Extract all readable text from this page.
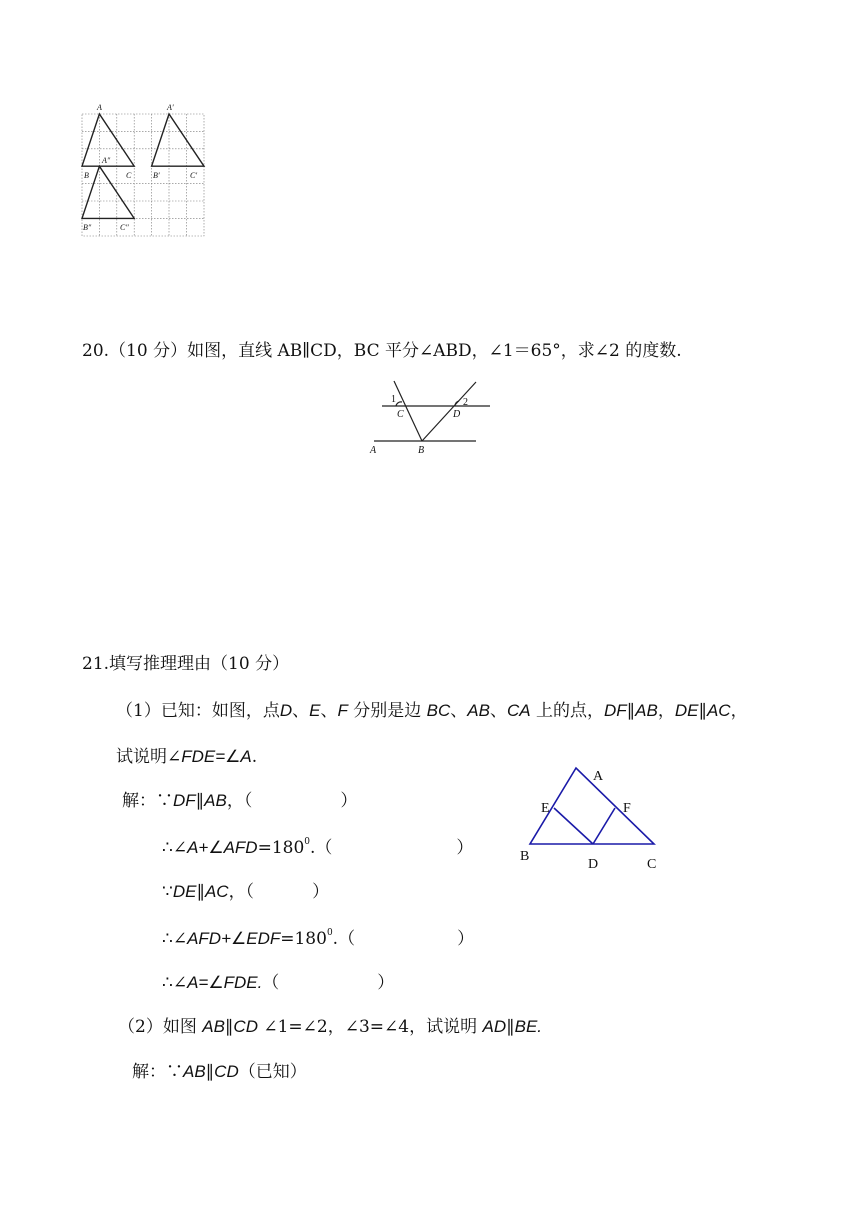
A	A′
A″
B	C	B′	C′
B″	C″
20.（10 分）如图，直线 AB∥CD，BC 平分∠ABD，∠1＝65°，求∠2 的度数.
1	2
C	D
A	B
21.填写推理理由（10 分）
（1）已知：如图，点D、E、F 分别是边 BC、AB、CA 上的点，DF∥AB，DE∥AC，
试说明∠FDE=∠A.
解：∵DF∥AB，（	）
$\therefore\angle A+\angle AFD=180^0$.（	）
∵DE∥AC，（	）
$\therefore\angle AFD+\angle EDF=180^0$.（	）
∴∠A=∠FDE.（	）
A
E	F
B
D	C
（2）如图 AB∥CD ∠1=∠2，∠3=∠4，试说明 AD∥BE.
解：∵AB∥CD（已知）
